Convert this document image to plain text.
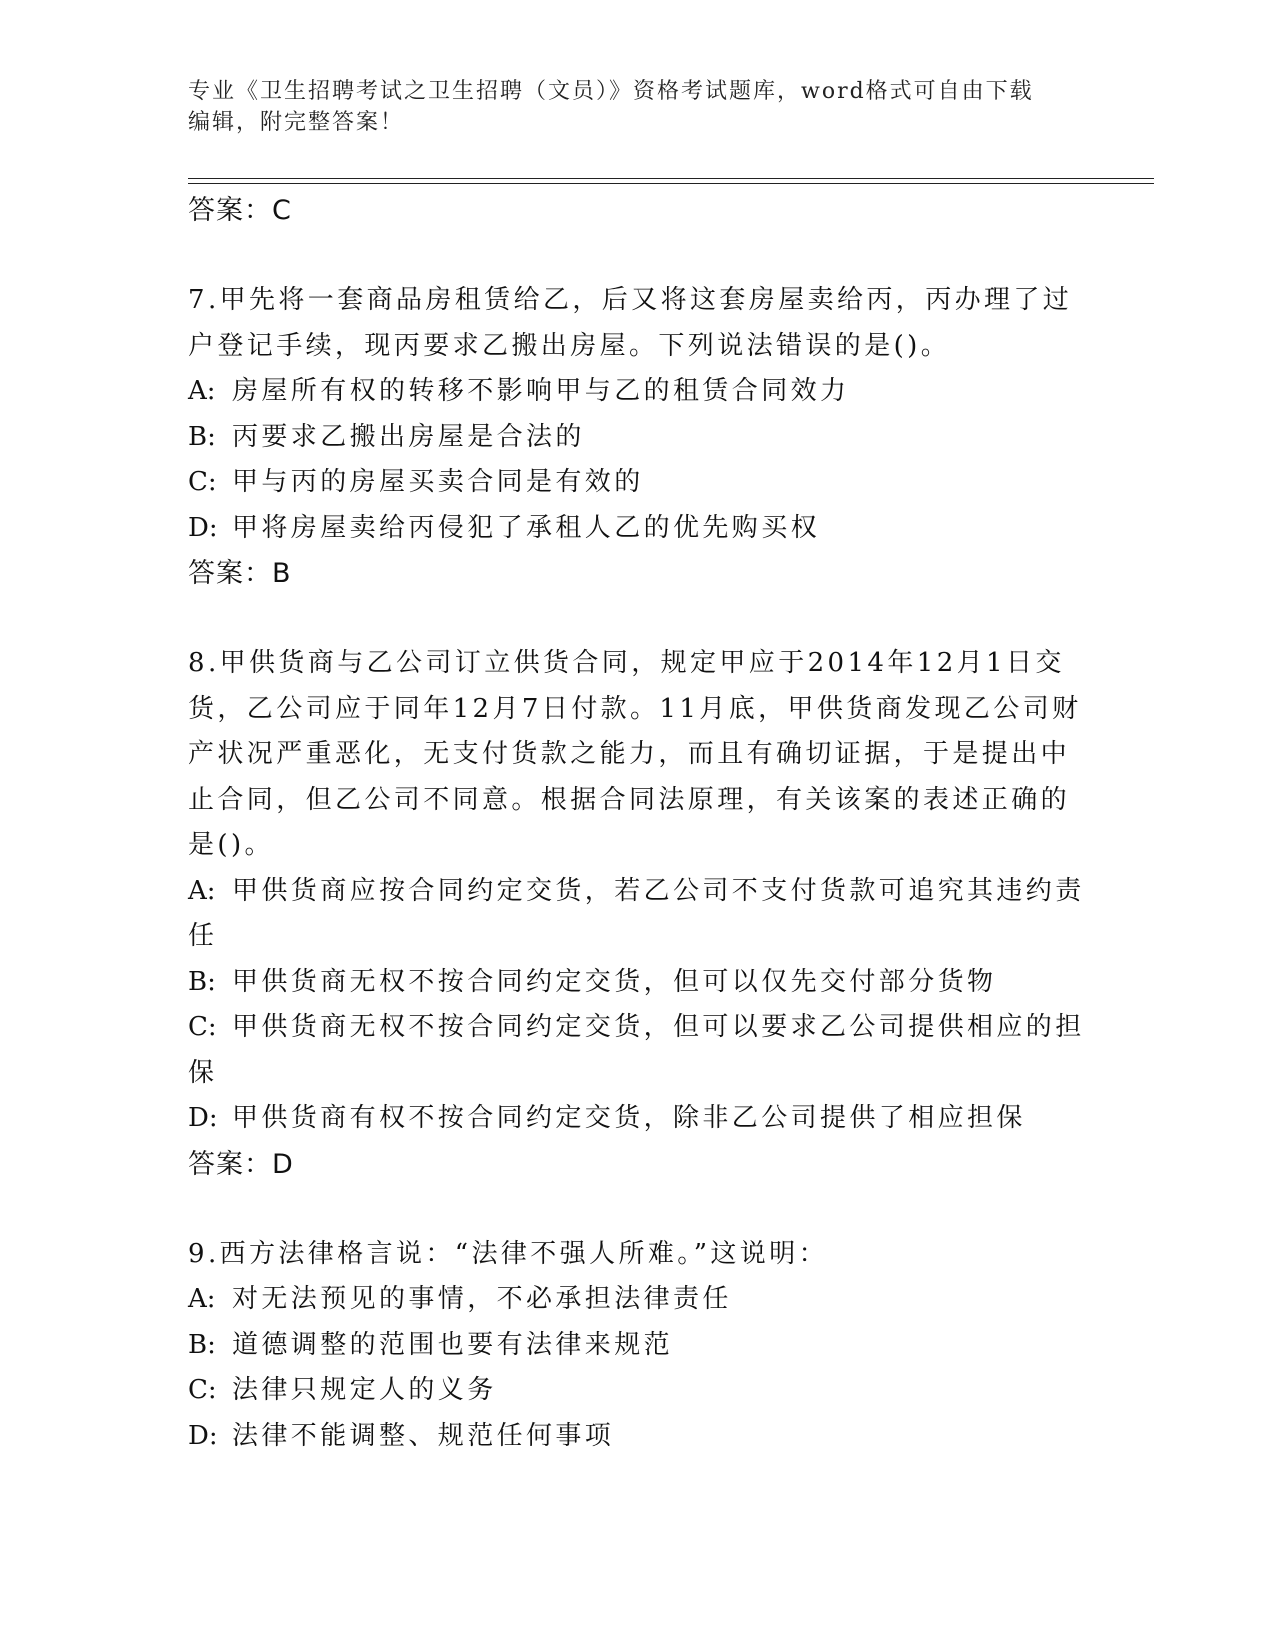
专业《卫生招聘考试之卫生招聘（文员）》资格考试题库，word格式可自由下载
编辑，附完整答案！
答案：C
7.甲先将一套商品房租赁给乙，后又将这套房屋卖给丙，丙办理了过
户登记手续，现丙要求乙搬出房屋。下列说法错误的是()。
A: 房屋所有权的转移不影响甲与乙的租赁合同效力
B: 丙要求乙搬出房屋是合法的
C: 甲与丙的房屋买卖合同是有效的
D: 甲将房屋卖给丙侵犯了承租人乙的优先购买权
答案：B
8.甲供货商与乙公司订立供货合同，规定甲应于2014年12月1日交
货，乙公司应于同年12月7日付款。11月底，甲供货商发现乙公司财
产状况严重恶化，无支付货款之能力，而且有确切证据，于是提出中
止合同，但乙公司不同意。根据合同法原理，有关该案的表述正确的
是()。
A: 甲供货商应按合同约定交货，若乙公司不支付货款可追究其违约责
任
B: 甲供货商无权不按合同约定交货，但可以仅先交付部分货物
C: 甲供货商无权不按合同约定交货，但可以要求乙公司提供相应的担
保
D: 甲供货商有权不按合同约定交货，除非乙公司提供了相应担保
答案：D
9.西方法律格言说：“法律不强人所难。”这说明：
A: 对无法预见的事情，不必承担法律责任
B: 道德调整的范围也要有法律来规范
C: 法律只规定人的义务
D: 法律不能调整、规范任何事项
